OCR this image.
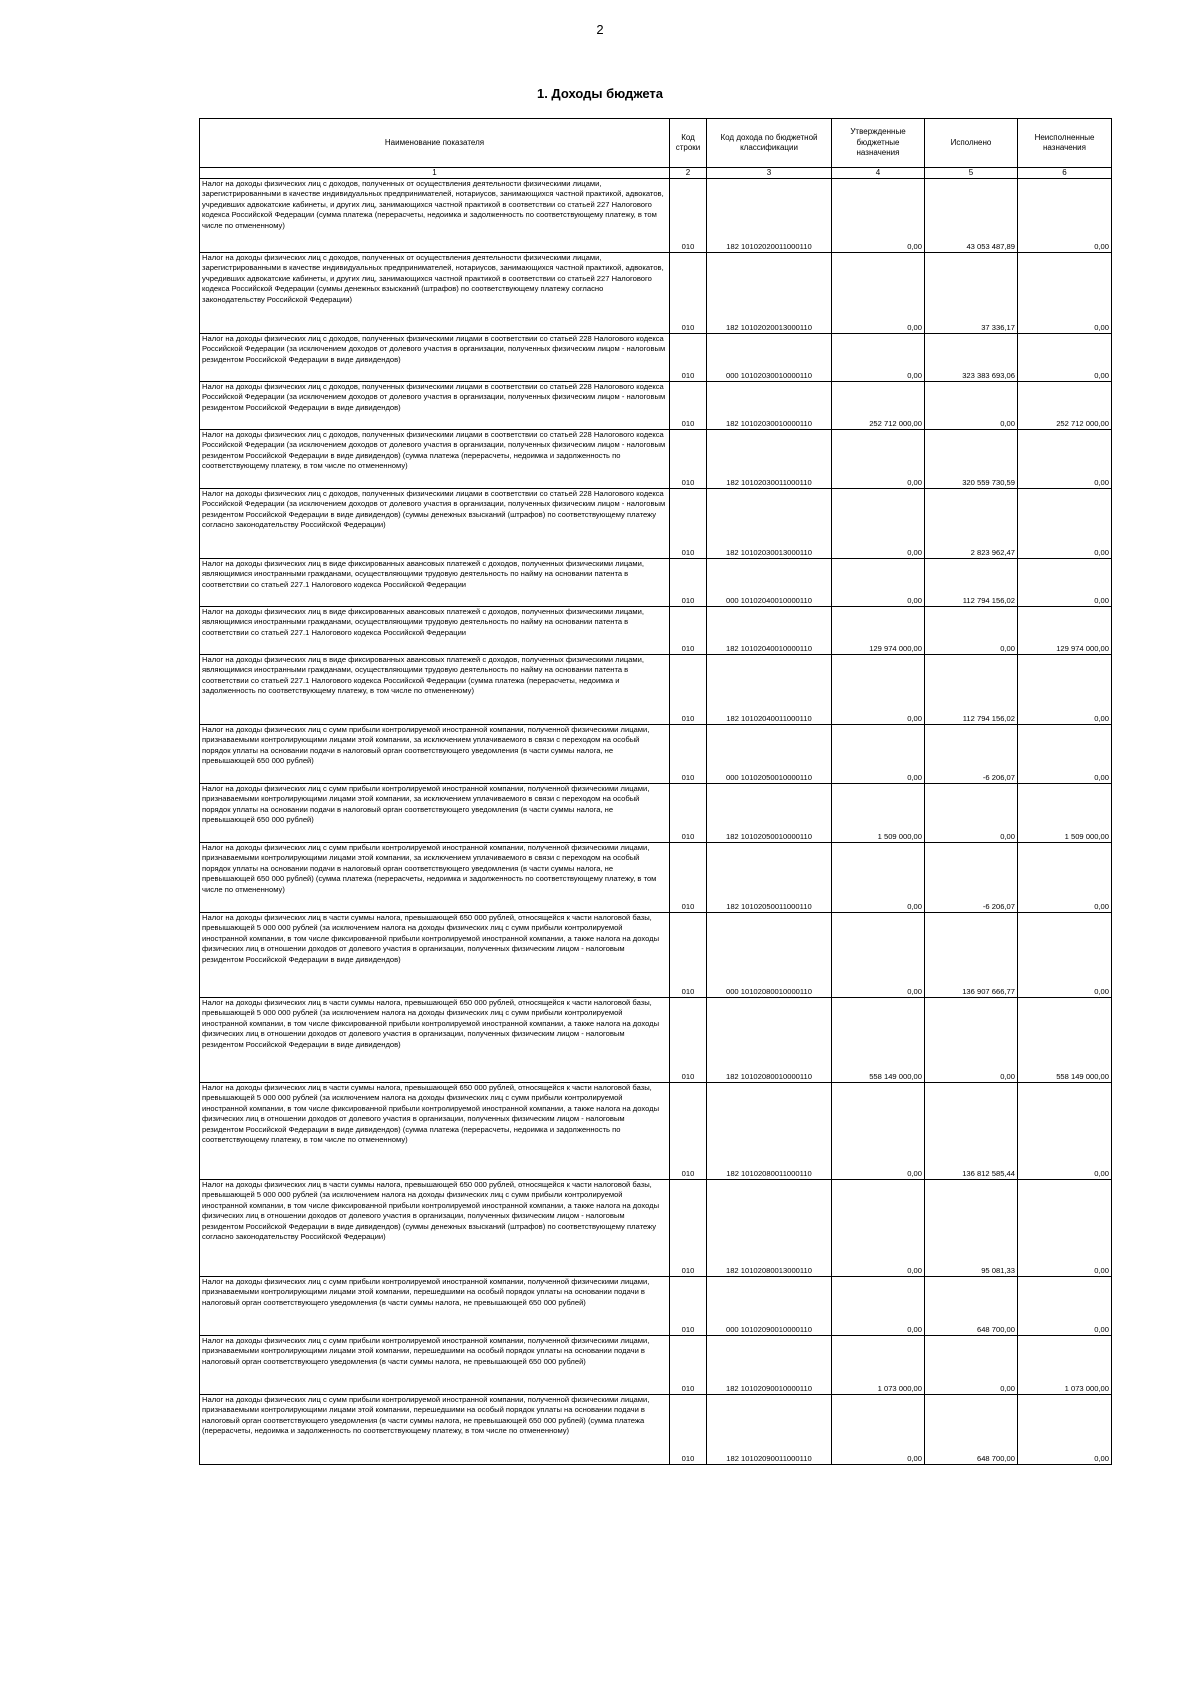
2
1. Доходы бюджета
Наименование показателя	Код строки	Код дохода по бюджетной классификации	Утвержденные бюджетные назначения	Исполнено	Неисполненные назначения
1	2	3	4	5	6
Налог на доходы физических лиц с доходов, полученных от осуществления деятельности физическими лицами, зарегистрированными в качестве индивидуальных предпринимателей, нотариусов, занимающихся частной практикой, адвокатов, учредивших адвокатские кабинеты, и других лиц, занимающихся частной практикой в соответствии со статьей 227 Налогового кодекса Российской Федерации (сумма платежа (перерасчеты, недоимка и задолженность по соответствующему платежу, в том числе по отмененному)	010	182 10102020011000110	0,00	43 053 487,89	0,00
Налог на доходы физических лиц с доходов, полученных от осуществления деятельности физическими лицами, зарегистрированными в качестве индивидуальных предпринимателей, нотариусов, занимающихся частной практикой, адвокатов, учредивших адвокатские кабинеты, и других лиц, занимающихся частной практикой в соответствии со статьей 227 Налогового кодекса Российской Федерации (суммы денежных взысканий (штрафов) по соответствующему платежу согласно законодательству Российской Федерации)	010	182 10102020013000110	0,00	37 336,17	0,00
Налог на доходы физических лиц с доходов, полученных физическими лицами в соответствии со статьей 228 Налогового кодекса Российской Федерации (за исключением доходов от долевого участия в организации, полученных физическим лицом - налоговым резидентом Российской Федерации в виде дивидендов)	010	000 10102030010000110	0,00	323 383 693,06	0,00
Налог на доходы физических лиц с доходов, полученных физическими лицами в соответствии со статьей 228 Налогового кодекса Российской Федерации (за исключением доходов от долевого участия в организации, полученных физическим лицом - налоговым резидентом Российской Федерации в виде дивидендов)	010	182 10102030010000110	252 712 000,00	0,00	252 712 000,00
Налог на доходы физических лиц с доходов, полученных физическими лицами в соответствии со статьей 228 Налогового кодекса Российской Федерации (за исключением доходов от долевого участия в организации, полученных физическим лицом - налоговым резидентом Российской Федерации в виде дивидендов) (сумма платежа (перерасчеты, недоимка и задолженность по соответствующему платежу, в том числе по отмененному)	010	182 10102030011000110	0,00	320 559 730,59	0,00
Налог на доходы физических лиц с доходов, полученных физическими лицами в соответствии со статьей 228 Налогового кодекса Российской Федерации (за исключением доходов от долевого участия в организации, полученных физическим лицом - налоговым резидентом Российской Федерации в виде дивидендов) (суммы денежных взысканий (штрафов) по соответствующему платежу согласно законодательству Российской Федерации)	010	182 10102030013000110	0,00	2 823 962,47	0,00
Налог на доходы физических лиц в виде фиксированных авансовых платежей с доходов, полученных физическими лицами, являющимися иностранными гражданами, осуществляющими трудовую деятельность по найму на основании патента в соответствии со статьей 227.1 Налогового кодекса Российской Федерации	010	000 10102040010000110	0,00	112 794 156,02	0,00
Налог на доходы физических лиц в виде фиксированных авансовых платежей с доходов, полученных физическими лицами, являющимися иностранными гражданами, осуществляющими трудовую деятельность по найму на основании патента в соответствии со статьей 227.1 Налогового кодекса Российской Федерации	010	182 10102040010000110	129 974 000,00	0,00	129 974 000,00
Налог на доходы физических лиц в виде фиксированных авансовых платежей с доходов, полученных физическими лицами, являющимися иностранными гражданами, осуществляющими трудовую деятельность по найму на основании патента в соответствии со статьей 227.1 Налогового кодекса Российской Федерации (сумма платежа (перерасчеты, недоимка и задолженность по соответствующему платежу, в том числе по отмененному)	010	182 10102040011000110	0,00	112 794 156,02	0,00
Налог на доходы физических лиц с сумм прибыли контролируемой иностранной компании, полученной физическими лицами, признаваемыми контролирующими лицами этой компании, за исключением уплачиваемого в связи с переходом на особый порядок уплаты на основании подачи в налоговый орган соответствующего уведомления (в части суммы налога, не превышающей 650 000 рублей)	010	000 10102050010000110	0,00	-6 206,07	0,00
Налог на доходы физических лиц с сумм прибыли контролируемой иностранной компании, полученной физическими лицами, признаваемыми контролирующими лицами этой компании, за исключением уплачиваемого в связи с переходом на особый порядок уплаты на основании подачи в налоговый орган соответствующего уведомления (в части суммы налога, не превышающей 650 000 рублей)	010	182 10102050010000110	1 509 000,00	0,00	1 509 000,00
Налог на доходы физических лиц с сумм прибыли контролируемой иностранной компании, полученной физическими лицами, признаваемыми контролирующими лицами этой компании, за исключением уплачиваемого в связи с переходом на особый порядок уплаты на основании подачи в налоговый орган соответствующего уведомления (в части суммы налога, не превышающей 650 000 рублей) (сумма платежа (перерасчеты, недоимка и задолженность по соответствующему платежу, в том числе по отмененному)	010	182 10102050011000110	0,00	-6 206,07	0,00
Налог на доходы физических лиц в части суммы налога, превышающей 650 000 рублей, относящейся к части налоговой базы, превышающей 5 000 000 рублей (за исключением налога на доходы физических лиц с сумм прибыли контролируемой иностранной компании, в том числе фиксированной прибыли контролируемой иностранной компании, а также налога на доходы физических лиц в отношении доходов от долевого участия в организации, полученных физическим лицом - налоговым резидентом Российской Федерации в виде дивидендов)	010	000 10102080010000110	0,00	136 907 666,77	0,00
Налог на доходы физических лиц в части суммы налога, превышающей 650 000 рублей, относящейся к части налоговой базы, превышающей 5 000 000 рублей (за исключением налога на доходы физических лиц с сумм прибыли контролируемой иностранной компании, в том числе фиксированной прибыли контролируемой иностранной компании, а также налога на доходы физических лиц в отношении доходов от долевого участия в организации, полученных физическим лицом - налоговым резидентом Российской Федерации в виде дивидендов)	010	182 10102080010000110	558 149 000,00	0,00	558 149 000,00
Налог на доходы физических лиц в части суммы налога, превышающей 650 000 рублей, относящейся к части налоговой базы, превышающей 5 000 000 рублей (за исключением налога на доходы физических лиц с сумм прибыли контролируемой иностранной компании, в том числе фиксированной прибыли контролируемой иностранной компании, а также налога на доходы физических лиц в отношении доходов от долевого участия в организации, полученных физическим лицом - налоговым резидентом Российской Федерации в виде дивидендов) (сумма платежа (перерасчеты, недоимка и задолженность по соответствующему платежу, в том числе по отмененному)	010	182 10102080011000110	0,00	136 812 585,44	0,00
Налог на доходы физических лиц в части суммы налога, превышающей 650 000 рублей, относящейся к части налоговой базы, превышающей 5 000 000 рублей (за исключением налога на доходы физических лиц с сумм прибыли контролируемой иностранной компании, в том числе фиксированной прибыли контролируемой иностранной компании, а также налога на доходы физических лиц в отношении доходов от долевого участия в организации, полученных физическим лицом - налоговым резидентом Российской Федерации в виде дивидендов) (суммы денежных взысканий (штрафов) по соответствующему платежу согласно законодательству Российской Федерации)	010	182 10102080013000110	0,00	95 081,33	0,00
Налог на доходы физических лиц с сумм прибыли контролируемой иностранной компании, полученной физическими лицами, признаваемыми контролирующими лицами этой компании, перешедшими на особый порядок уплаты на основании подачи в налоговый орган соответствующего уведомления (в части суммы налога, не превышающей 650 000 рублей)	010	000 10102090010000110	0,00	648 700,00	0,00
Налог на доходы физических лиц с сумм прибыли контролируемой иностранной компании, полученной физическими лицами, признаваемыми контролирующими лицами этой компании, перешедшими на особый порядок уплаты на основании подачи в налоговый орган соответствующего уведомления (в части суммы налога, не превышающей 650 000 рублей)	010	182 10102090010000110	1 073 000,00	0,00	1 073 000,00
Налог на доходы физических лиц с сумм прибыли контролируемой иностранной компании, полученной физическими лицами, признаваемыми контролирующими лицами этой компании, перешедшими на особый порядок уплаты на основании подачи в налоговый орган соответствующего уведомления (в части суммы налога, не превышающей 650 000 рублей) (сумма платежа (перерасчеты, недоимка и задолженность по соответствующему платежу, в том числе по отмененному)	010	182 10102090011000110	0,00	648 700,00	0,00
